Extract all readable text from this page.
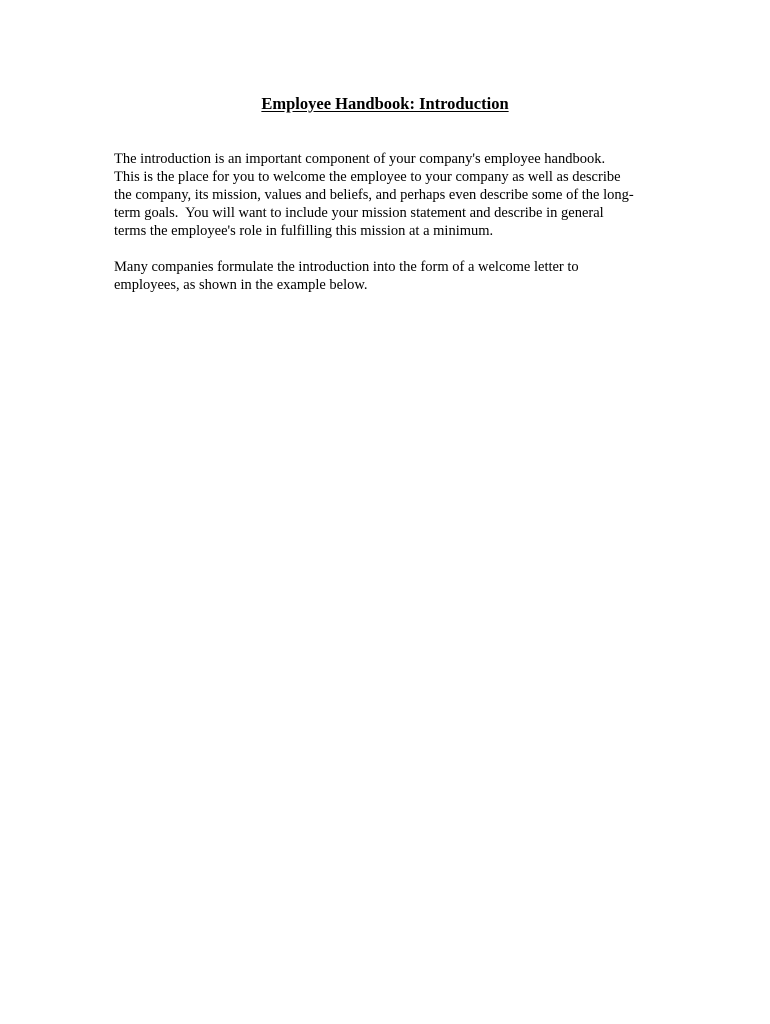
Employee Handbook: Introduction

The introduction is an important component of your company's employee handbook.
This is the place for you to welcome the employee to your company as well as describe
the company, its mission, values and beliefs, and perhaps even describe some of the long-
term goals.  You will want to include your mission statement and describe in general
terms the employee's role in fulfilling this mission at a minimum.

Many companies formulate the introduction into the form of a welcome letter to
employees, as shown in the example below.
